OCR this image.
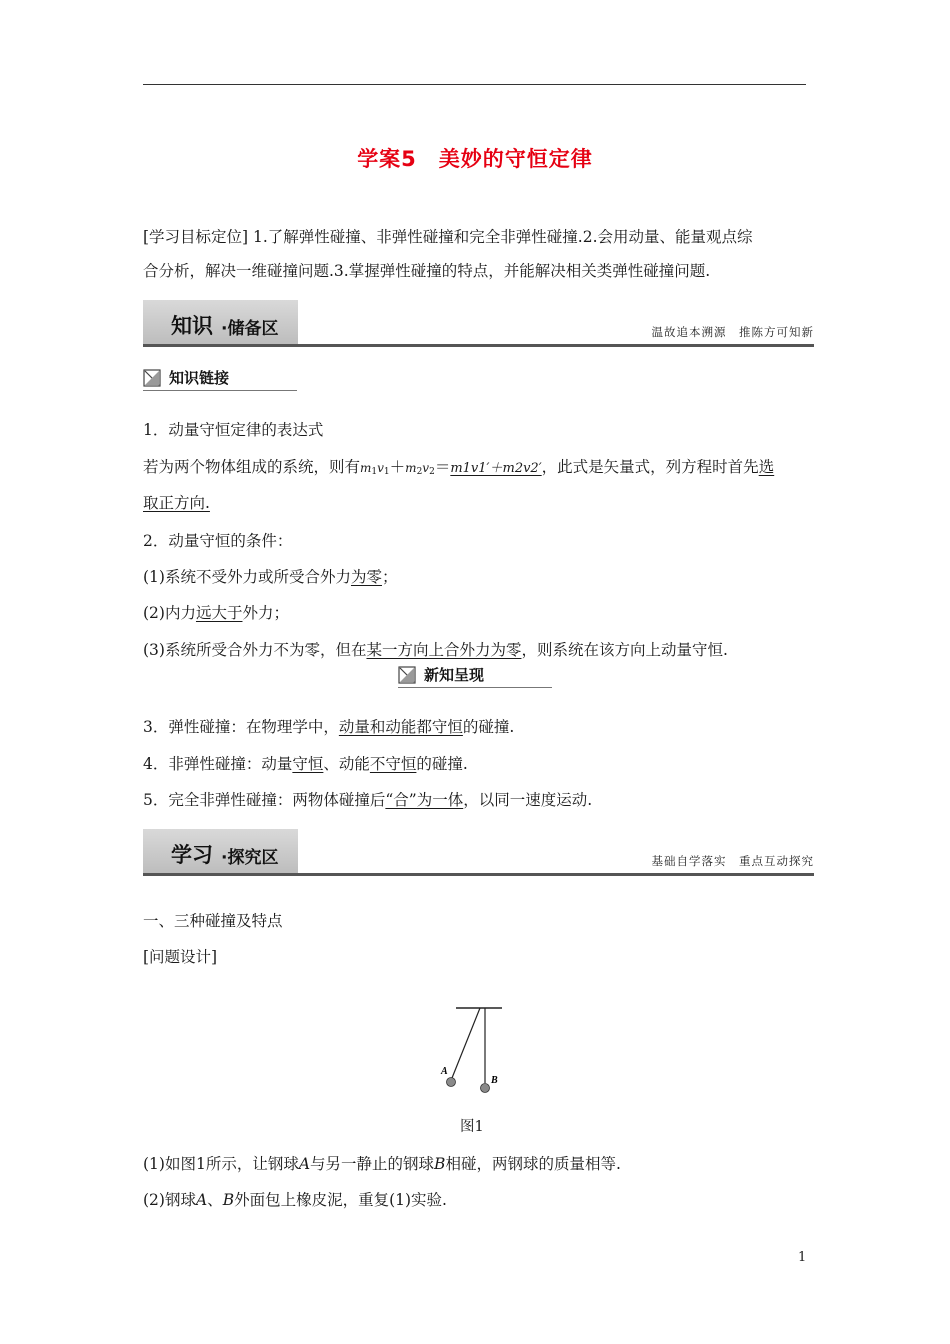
学案5　美妙的守恒定律
[学习目标定位] 1.了解弹性碰撞、非弹性碰撞和完全非弹性碰撞.2.会用动量、能量观点综
合分析，解决一维碰撞问题.3.掌握弹性碰撞的特点，并能解决相关类弹性碰撞问题.
知识 ·储备区	温故追本溯源　推陈方可知新
知识链接
1．动量守恒定律的表达式
若为两个物体组成的系统，则有$m_1v_1+m_2v_2=m1v1'+m2v2'$，此式是矢量式，列方程时首先选
取正方向.
2．动量守恒的条件：
(1)系统不受外力或所受合外力为零；
(2)内力远大于外力；
(3)系统所受合外力不为零，但在某一方向上合外力为零，则系统在该方向上动量守恒.
新知呈现
3．弹性碰撞：在物理学中，动量和动能都守恒的碰撞.
4．非弹性碰撞：动量守恒、动能不守恒的碰撞.
5．完全非弹性碰撞：两物体碰撞后“合”为一体，以同一速度运动.
学习 ·探究区	基础自学落实　重点互动探究
一、三种碰撞及特点
[问题设计]
A
B
图1
(1)如图1所示，让钢球A与另一静止的钢球B相碰，两钢球的质量相等.
(2)钢球A、B外面包上橡皮泥，重复(1)实验.
1
